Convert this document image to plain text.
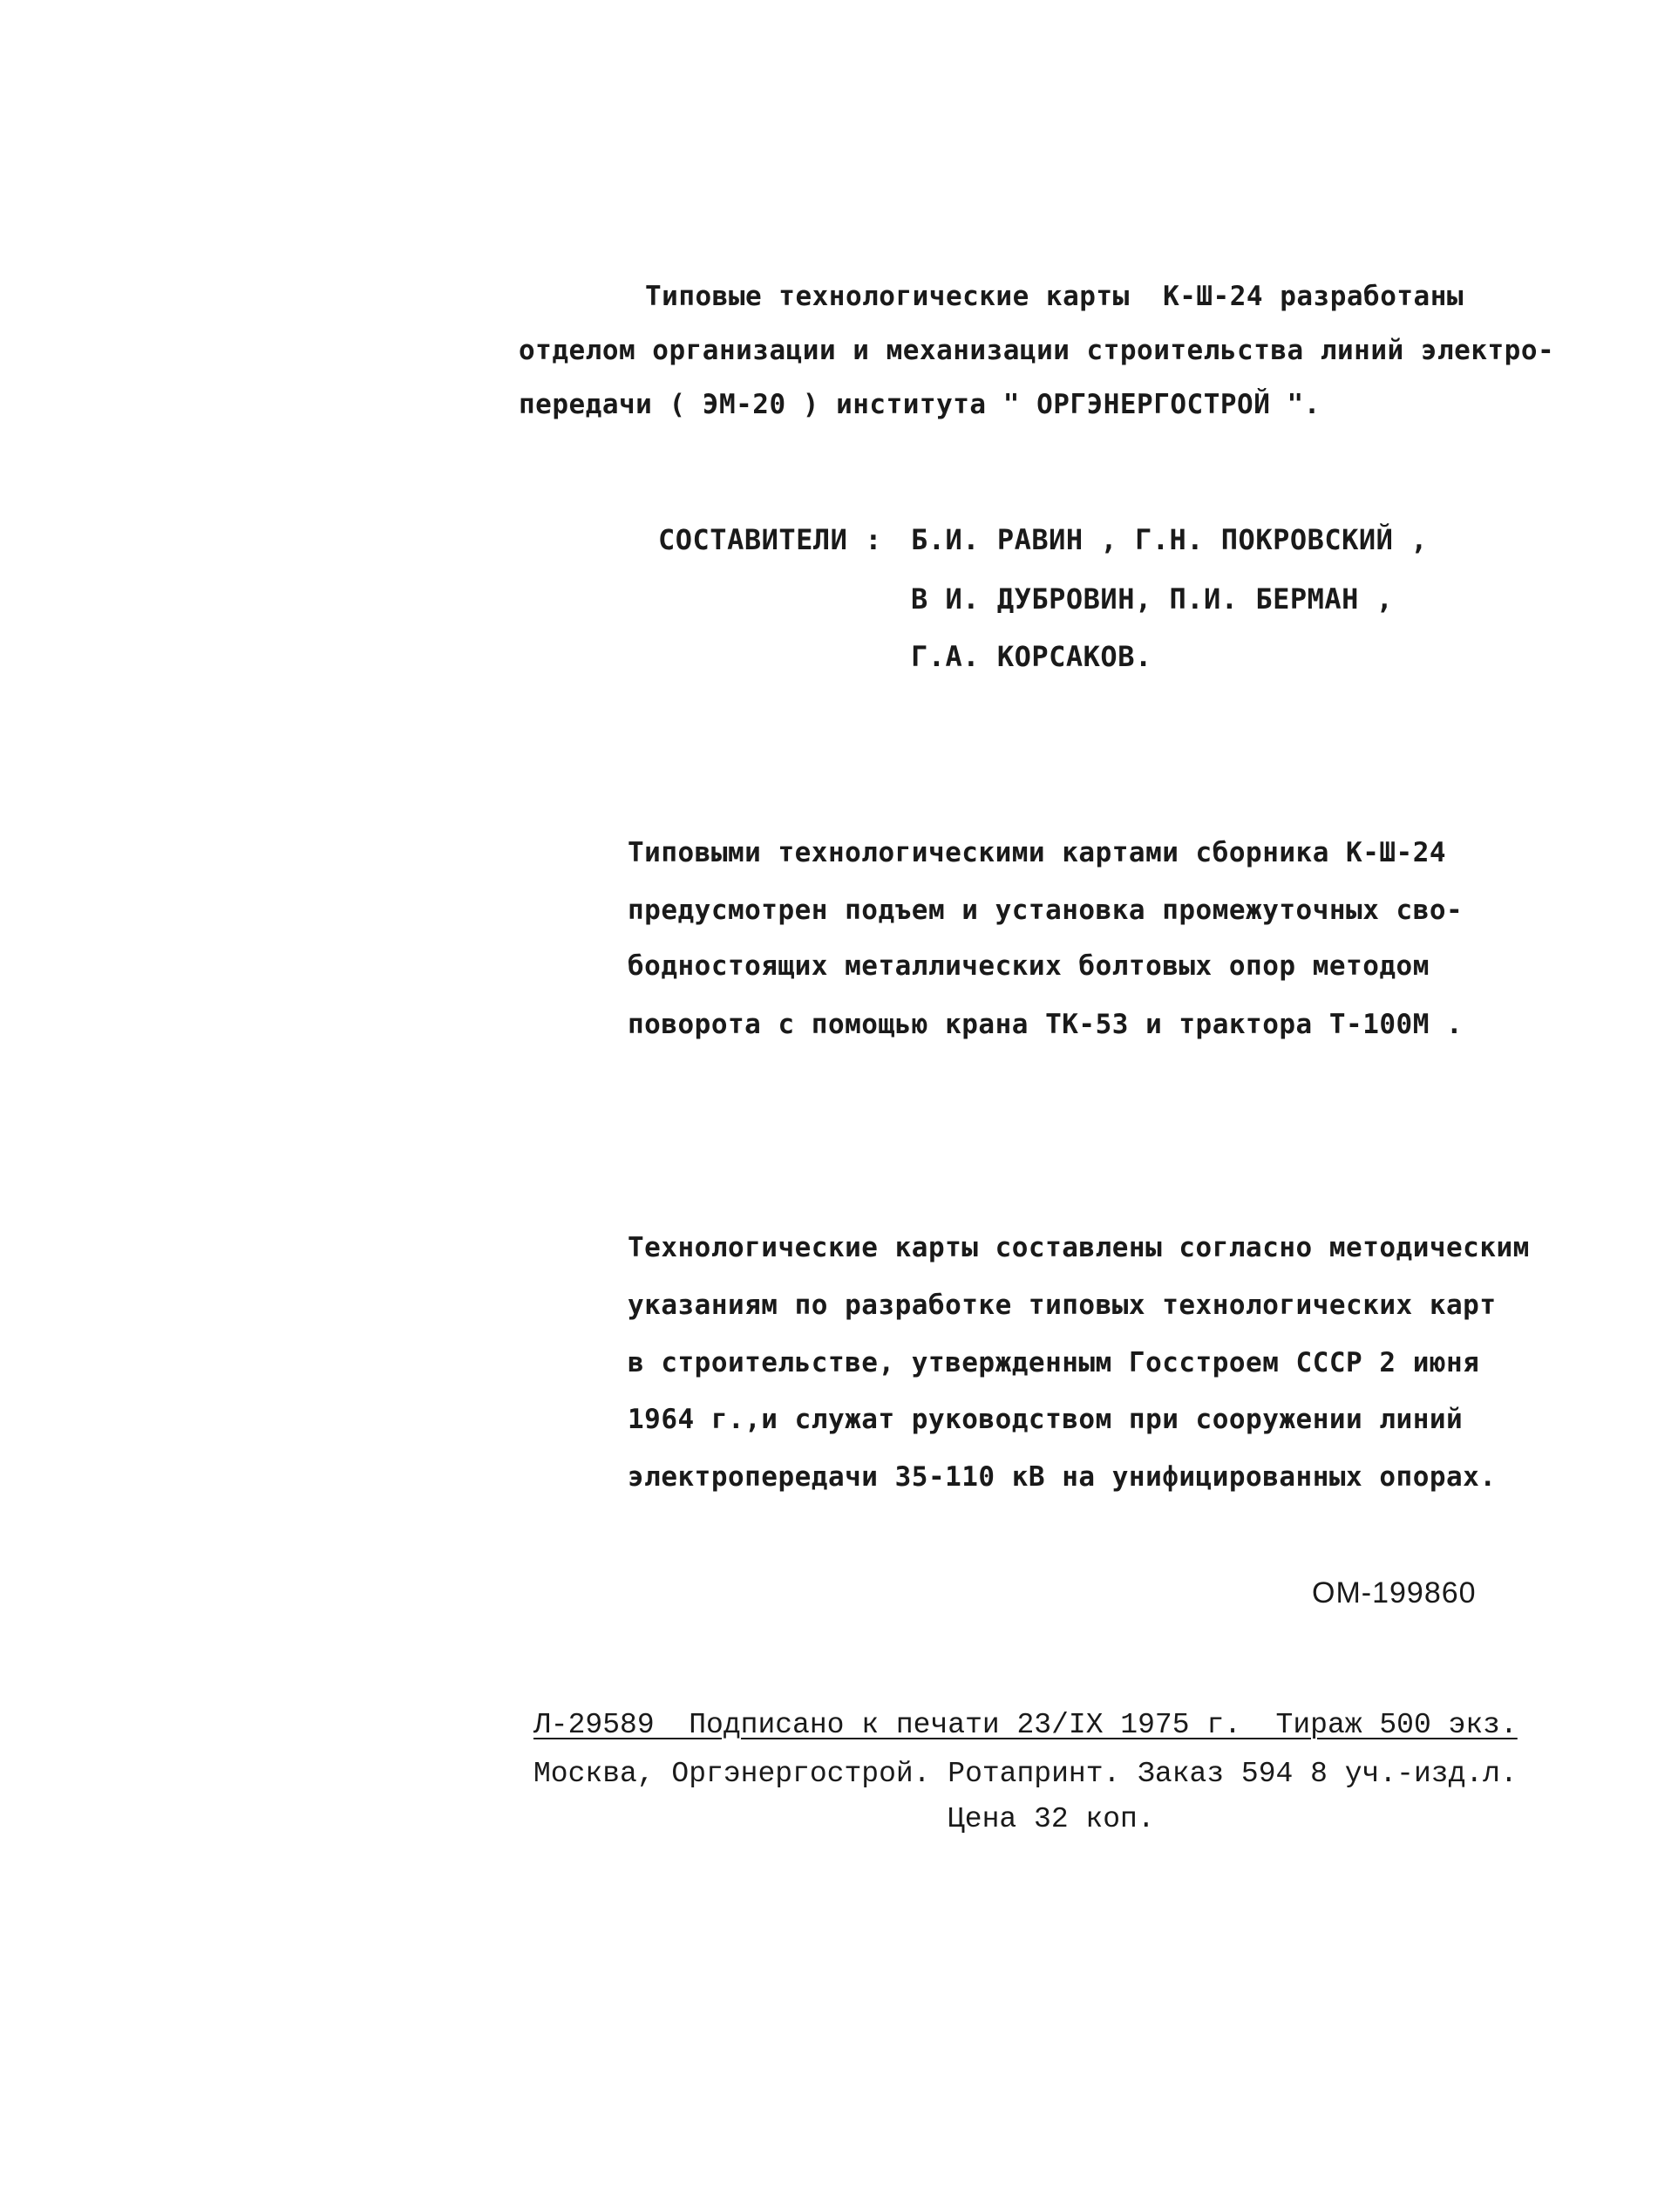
Типовые технологические карты  К-Ш-24 разработаны
отделом организации и механизации строительства линий электро-
передачи ( ЭМ-20 ) института " ОРГЭНЕРГОСТРОЙ ".
СОСТАВИТЕЛИ : Б.И. РАВИН , Г.Н. ПОКРОВСКИЙ ,
В И. ДУБРОВИН, П.И. БЕРМАН ,
Г.А. КОРСАКОВ.
Типовыми технологическими картами сборника К-Ш-24
предусмотрен подъем и установка промежуточных сво-
бодностоящих металлических болтовых опор методом
поворота с помощью крана ТК-53 и трактора Т-100М .
Технологические карты составлены согласно методическим
указаниям по разработке типовых технологических карт
в строительстве, утвержденным Госстроем СССР 2 июня
1964 г.,и служат руководством при сооружении линий
электропередачи 35-110 кВ на унифицированных опорах.
ОМ-199860
Л-29589  Подписано к печати 23/IX 1975 г.  Тираж 500 экз.
Москва, Оргэнергострой. Ротапринт. Заказ 594 8 уч.-изд.л.
Цена 32 коп.
